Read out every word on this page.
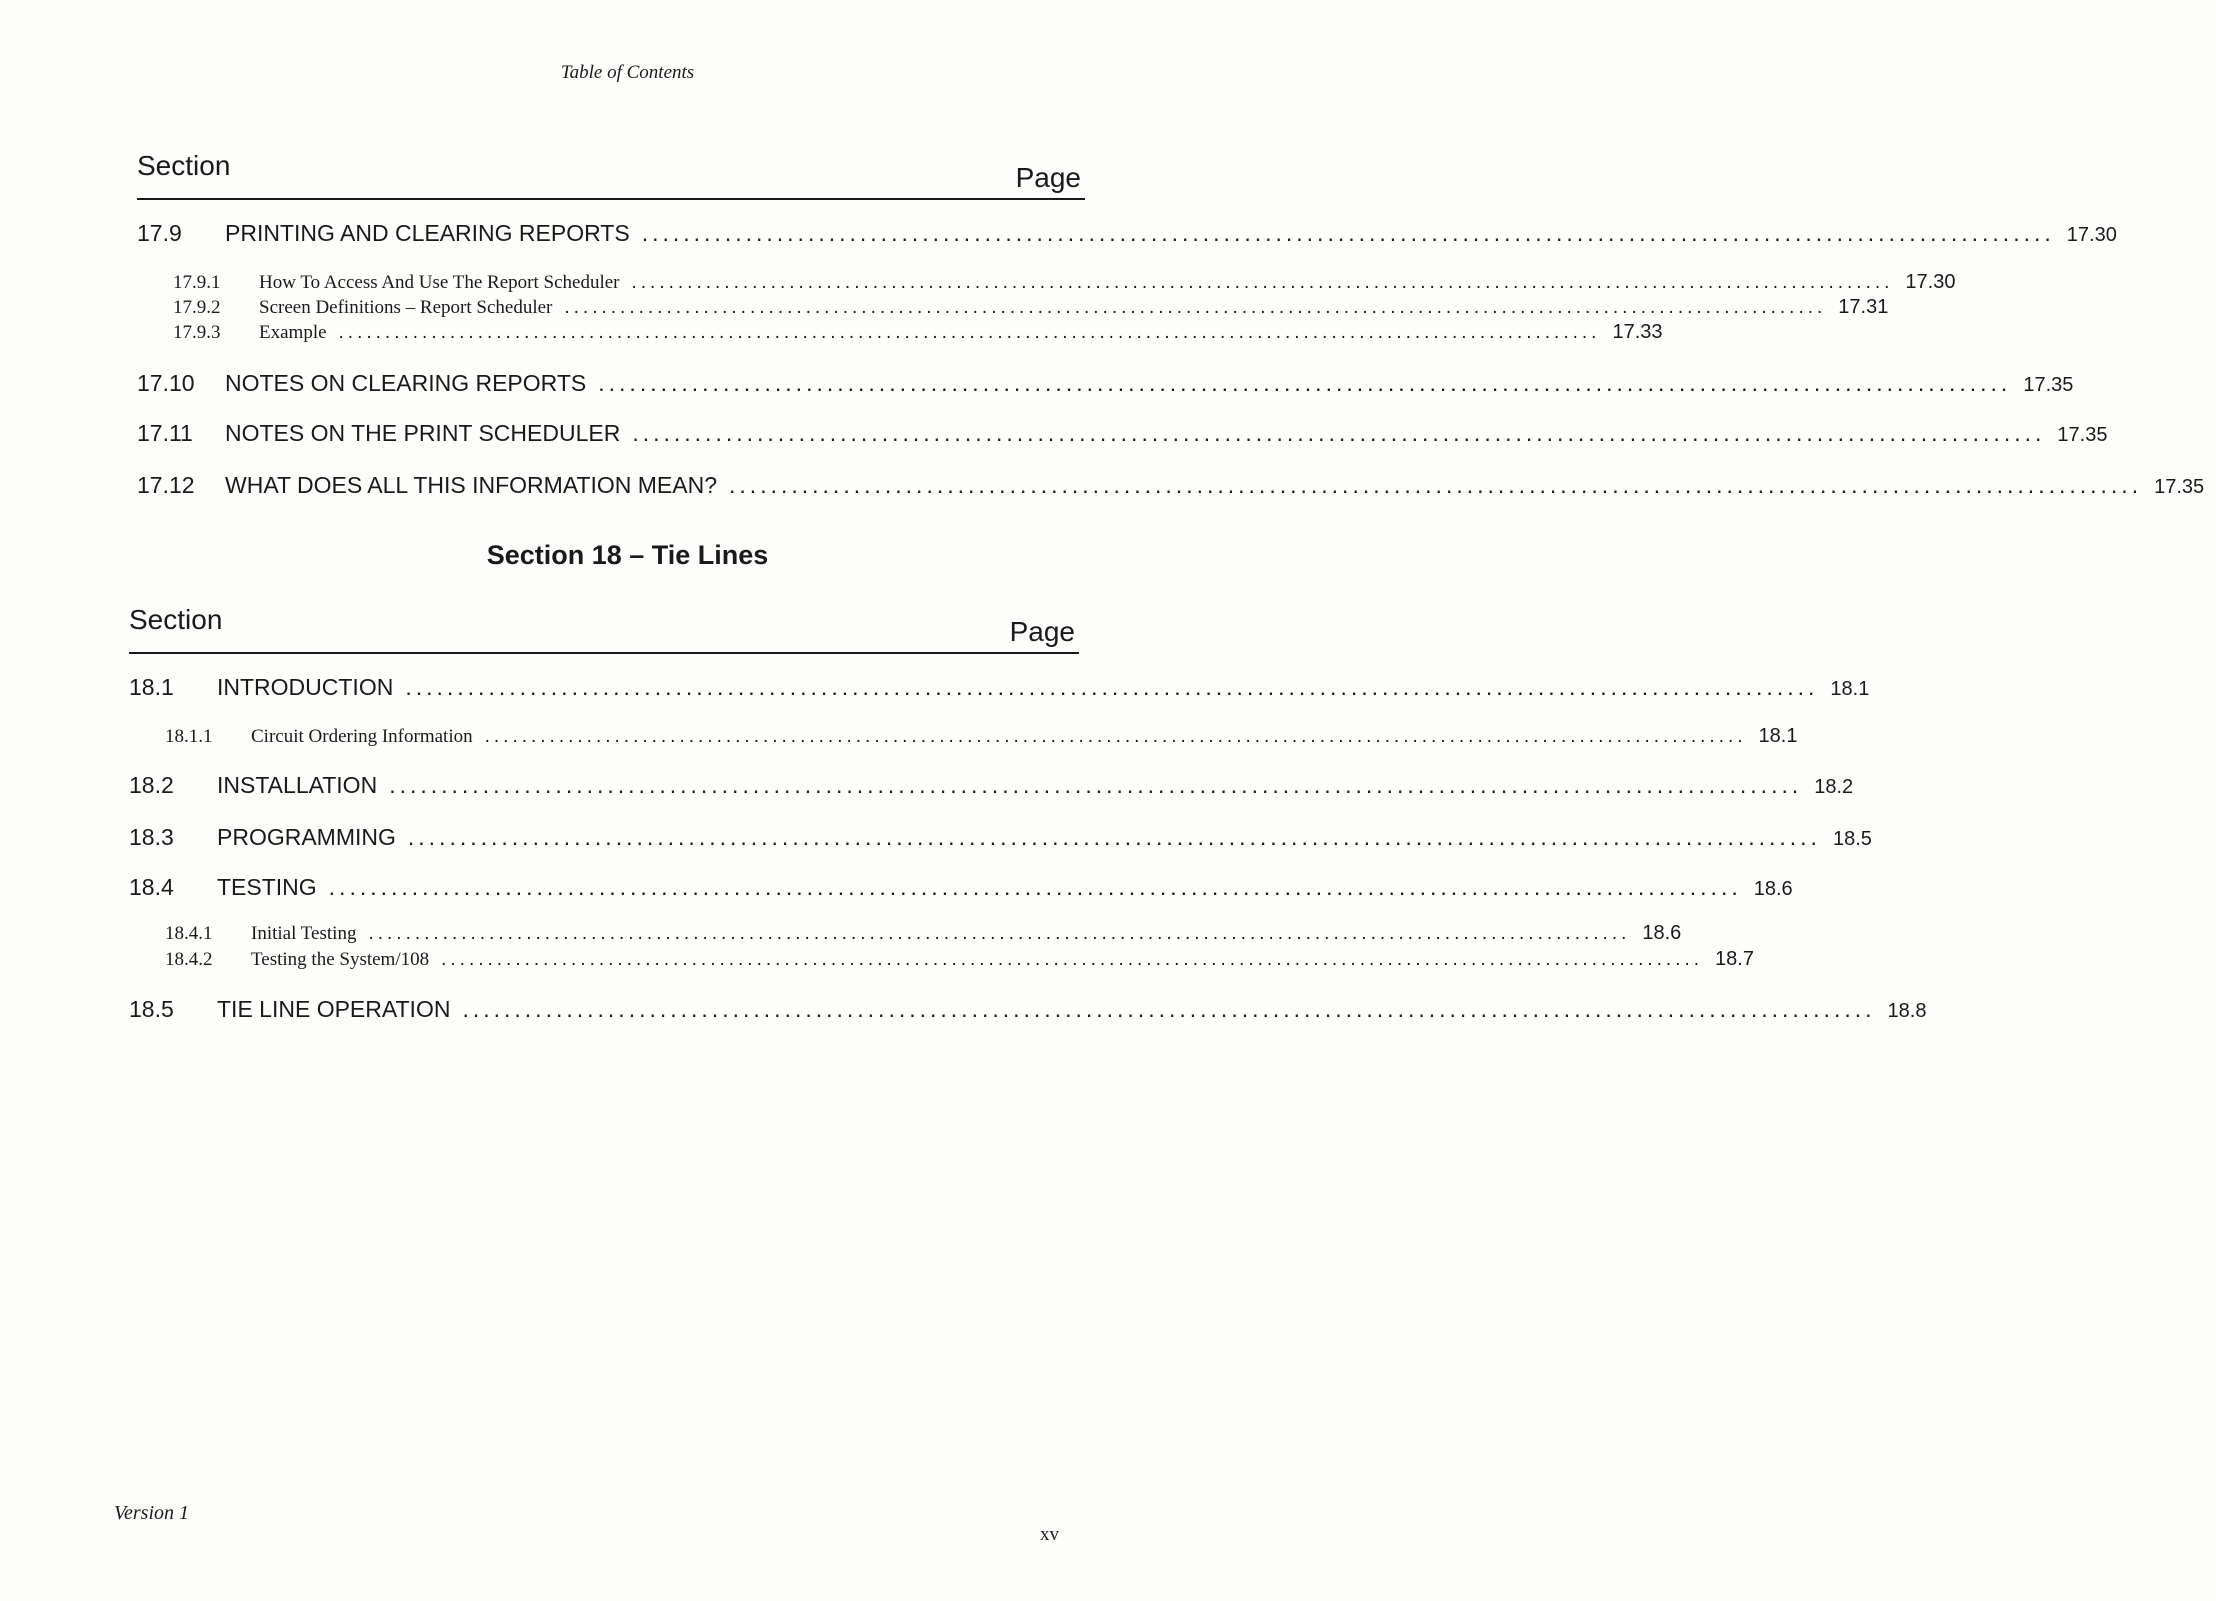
Table of Contents
Section	Page
17.9	PRINTING AND CLEARING REPORTS ........................................................................................................................................ 17.30
17.9.1	How To Access And Use The Report Scheduler ........................................................................................................................................ 17.30
17.9.2	Screen Definitions – Report Scheduler ........................................................................................................................................ 17.31
17.9.3	Example ........................................................................................................................................ 17.33
17.10	NOTES ON CLEARING REPORTS ........................................................................................................................................ 17.35
17.11	NOTES ON THE PRINT SCHEDULER ........................................................................................................................................ 17.35
17.12	WHAT DOES ALL THIS INFORMATION MEAN? ........................................................................................................................................ 17.35
Section 18 – Tie Lines
Section	Page
18.1	INTRODUCTION ........................................................................................................................................ 18.1
18.1.1	Circuit Ordering Information ........................................................................................................................................ 18.1
18.2	INSTALLATION ........................................................................................................................................ 18.2
18.3	PROGRAMMING ........................................................................................................................................ 18.5
18.4	TESTING ........................................................................................................................................ 18.6
18.4.1	Initial Testing ........................................................................................................................................ 18.6
18.4.2	Testing the System/108 ........................................................................................................................................ 18.7
18.5	TIE LINE OPERATION ........................................................................................................................................ 18.8
Version 1
xv
